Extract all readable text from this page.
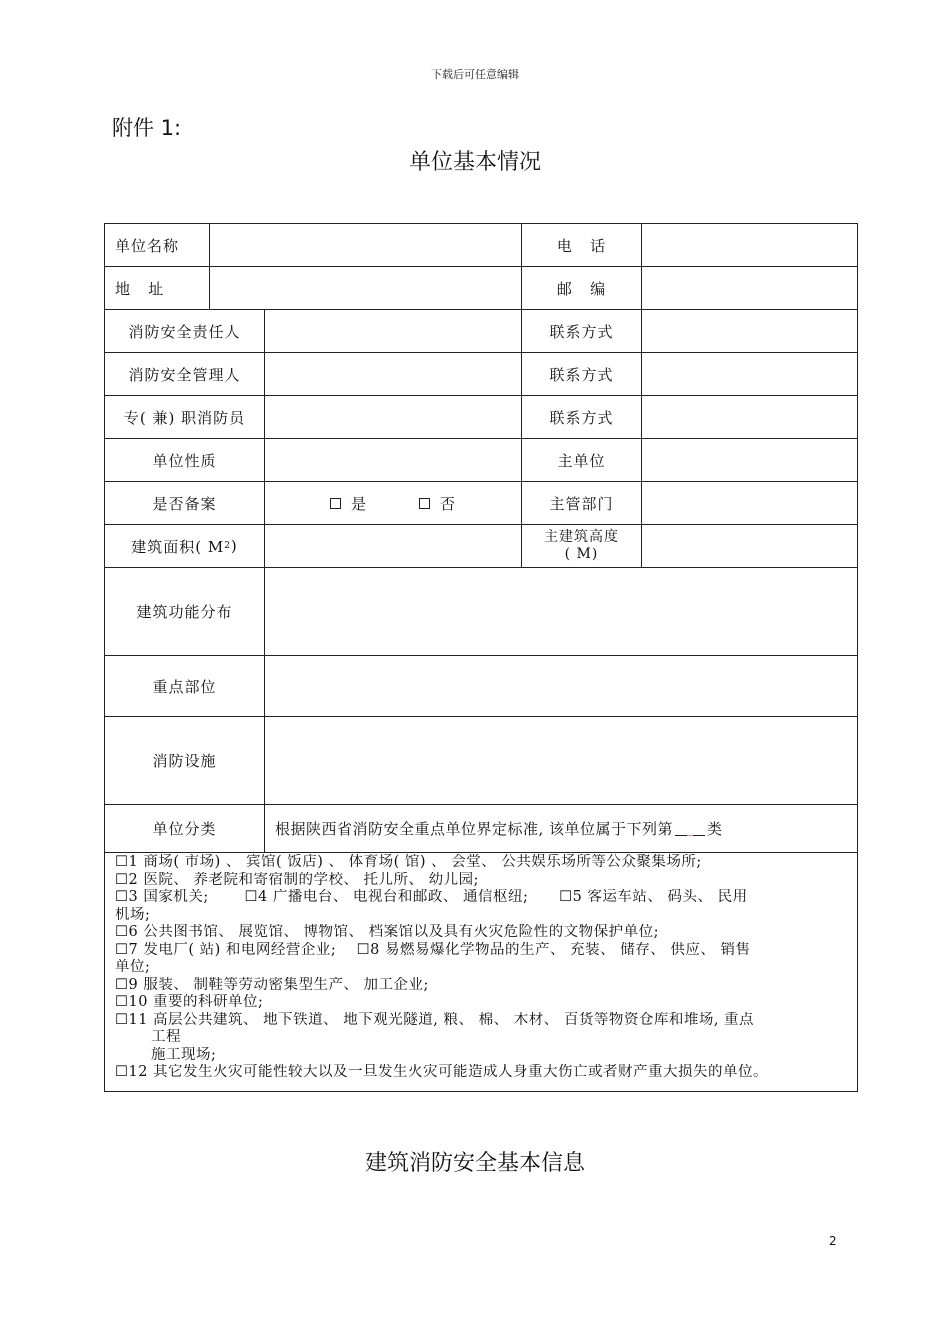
下载后可任意编辑
附件 1:
单位基本情况
单位名称	电   话
地   址	邮   编
消防安全责任人	联系方式
消防安全管理人	联系方式
专( 兼) 职消防员	联系方式
单位性质	主单位
是否备案	是	否	主管部门
建筑面积( M 2 )	主建筑高度
( M)
建筑功能分布
重点部位
消防设施
单位分类	根据陕西省消防安全重点单位界定标准, 该单位属于下列第 类
☐1 商场( 市场) 、 宾馆( 饭店) 、 体育场( 馆) 、 会堂、 公共娱乐场所等公众聚集场所;
☐2 医院、 养老院和寄宿制的学校、 托儿所、 幼儿园;
☐3 国家机关;       ☐4 广播电台、 电视台和邮政、 通信枢纽;      ☐5 客运车站、 码头、 民用
机场;
☐6 公共图书馆、 展览馆、 博物馆、 档案馆以及具有火灾危险性的文物保护单位;
☐7 发电厂( 站) 和电网经营企业;    ☐8 易燃易爆化学物品的生产、 充装、 储存、 供应、 销售
单位;
☐9 服装、 制鞋等劳动密集型生产、 加工企业;
☐10 重要的科研单位;
☐11 高层公共建筑、 地下铁道、 地下观光隧道, 粮、 棉、 木材、 百货等物资仓库和堆场, 重点
工程
施工现场;
☐12 其它发生火灾可能性较大以及一旦发生火灾可能造成人身重大伤亡或者财产重大损失的单位。
建筑消防安全基本信息
2
